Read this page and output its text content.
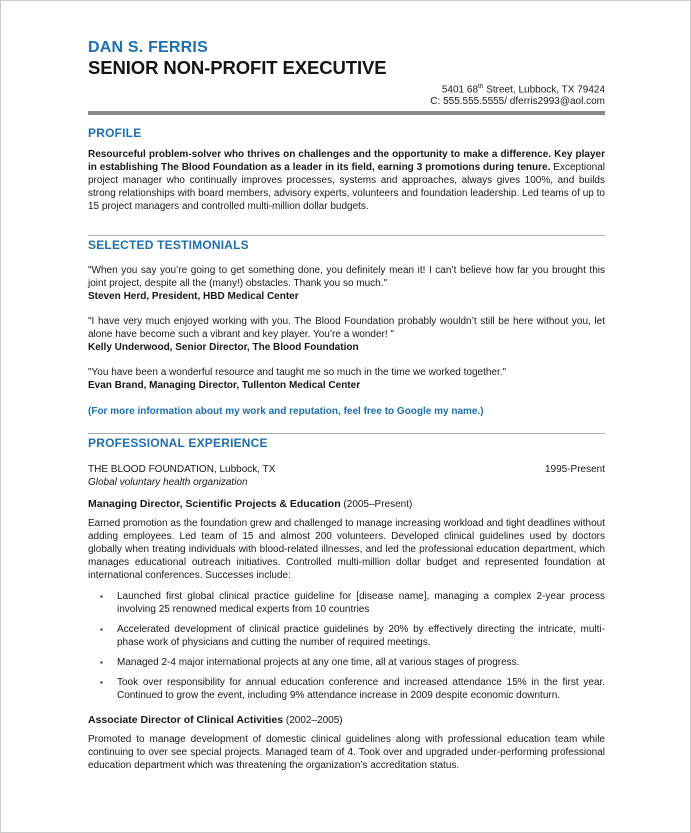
DAN S. FERRIS
SENIOR NON-PROFIT EXECUTIVE
5401 68th Street, Lubbock, TX 79424
C: 555.555.5555/ dferris2993@aol.com
PROFILE

Resourceful problem-solver who thrives on challenges and the opportunity to make a difference. Key player in establishing The Blood Foundation as a leader in its field, earning 3 promotions during tenure. Exceptional project manager who continually improves processes, systems and approaches, always gives 100%, and builds strong relationships with board members, advisory experts, volunteers and foundation leadership. Led teams of up to 15 project managers and controlled multi-million dollar budgets.

SELECTED TESTIMONIALS

"When you say you’re going to get something done, you definitely mean it! I can’t believe how far you brought this joint project, despite all the (many!) obstacles. Thank you so much."

Steven Herd, President, HBD Medical Center

"I have very much enjoyed working with you. The Blood Foundation probably wouldn’t still be here without you, let alone have become such a vibrant and key player. You’re a wonder! "

Kelly Underwood, Senior Director, The Blood Foundation

"You have been a wonderful resource and taught me so much in the time we worked together."

Evan Brand, Managing Director, Tullenton Medical Center

(For more information about my work and reputation, feel free to Google my name.)

PROFESSIONAL EXPERIENCE
THE BLOOD FOUNDATION, Lubbock, TX	1995-Present
Global voluntary health organization
Managing Director, Scientific Projects & Education (2005–Present)

Earned promotion as the foundation grew and challenged to manage increasing workload and tight deadlines without adding employees. Led team of 15 and almost 200 volunteers. Developed clinical guidelines used by doctors globally when treating individuals with blood-related illnesses, and led the professional education department, which manages educational outreach initiatives. Controlled multi-million dollar budget and represented foundation at international conferences. Successes include:

▪	Launched first global clinical practice guideline for [disease name], managing a complex 2-year process involving 25 renowned medical experts from 10 countries
▪	Accelerated development of clinical practice guidelines by 20% by effectively directing the intricate, multi-phase work of physicians and cutting the number of required meetings.
▪	Managed 2-4 major international projects at any one time, all at various stages of progress.
▪	Took over responsibility for annual education conference and increased attendance 15% in the first year. Continued to grow the event, including 9% attendance increase in 2009 despite economic downturn.
Associate Director of Clinical Activities (2002–2005)

Promoted to manage development of domestic clinical guidelines along with professional education team while continuing to over see special projects. Managed team of 4. Took over and upgraded under-performing professional education department which was threatening the organization’s accreditation status.
